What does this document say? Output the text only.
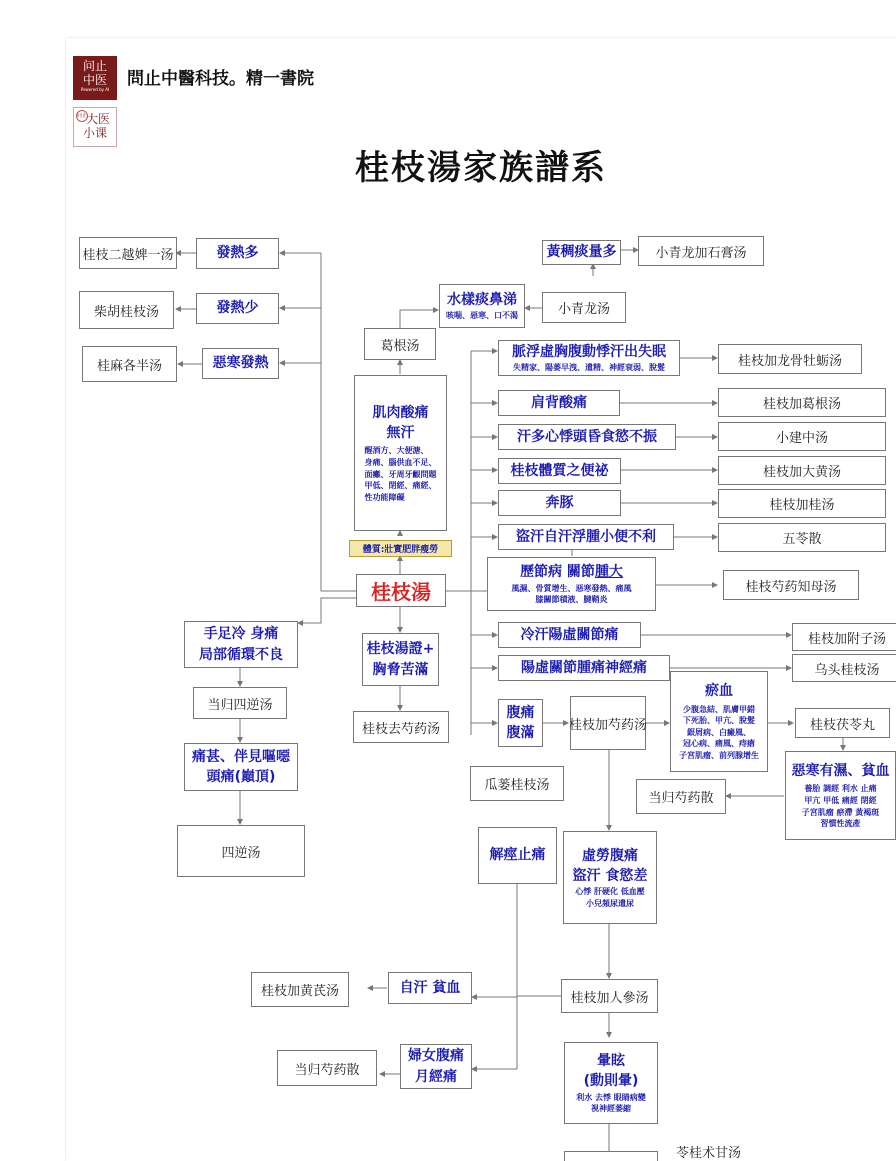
问止
中医
Powered by AI
問止中醫科技。精一書院
问止
大医
小课
桂枝湯家族譜系
桂枝二越婢一汤	發熱多
柴胡桂枝汤	發熱少
桂麻各半汤	惡寒發熱
手足冷 身痛
局部循環不良
当归四逆汤
痛甚、伴見嘔噁
頭痛(巔頂)
四逆汤
葛根汤
肌肉酸痛
無汗
醒酒方、大便溏、
身痛、腦供血不足、
面癱、牙周牙齦問題
甲低、閉經、痛經、
性功能障礙
體質:壯實肥胖瘦勞
桂枝湯
桂枝湯證+
胸脅苦滿
桂枝去芍药汤
水樣痰鼻涕
咳喘、惡寒、口不渴	小青龙汤
黃稠痰量多	小青龙加石膏汤
脈浮虛胸腹動悸汗出失眠
失精家、陽萎早洩、遺精、神經衰弱、脫髮	桂枝加龙骨牡蛎汤
肩背酸痛	桂枝加葛根汤
汗多心悸頭昏食慾不振	小建中汤
桂枝體質之便祕	桂枝加大黄汤
奔豚	桂枝加桂汤
盜汗自汗浮腫小便不利	五苓散
歷節病 關節腫大
風濕、骨質增生、惡寒發熱、痛風
膝關節積液、腱鞘炎
桂枝芍药知母汤
冷汗陽虛關節痛	桂枝加附子汤
陽虛關節腫痛神經痛	乌头桂枝汤
腹痛
腹滿	桂枝加芍药汤
瘀血
少腹急結、肌膚甲錯
下死胎、甲亢、脫髮
銀屑病、白癜風、
冠心病、痛風、痔瘡
子宮肌瘤、前列腺增生
桂枝茯苓丸
惡寒有濕、貧血
養胎 調經 利水 止痛
甲亢 甲低 痛經 閉經
子宮肌瘤 瘀滯 黃褐斑
習慣性流產
当归芍药散
瓜蒌桂枝汤
解痙止痛	虛勞腹痛
盜汗 食慾差
心悸 肝硬化 低血壓
小兒頻尿遺尿
桂枝加人參汤
自汗 貧血
桂枝加黄芪汤
婦女腹痛
月經痛
当归芍药散
暈眩
(動則暈)
利水 去悸 眼睛病變
視神經萎縮
苓桂术甘汤
